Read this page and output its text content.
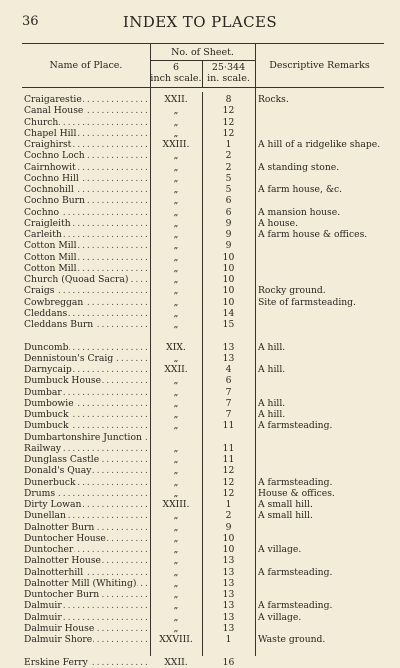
36	INDEX TO PLACES
Name of Place.
No. of Sheet.
6
inch scale.
25·344
in. scale.
Descriptive Remarks
Craigarestie . . .	XXII.	8	Rocks.
Canal House . . .	„	12
Church . . .	„	12
Chapel Hill . . .	„	12
Craighirst . . .	XXIII.	1	A hill of a ridgelike shape.
Cochno Loch . . .	„	2
Cairnhowit . . .	„	2	A standing stone.
Cochno Hill . . .	„	5
Cochnohill . . .	„	5	A farm house, &c.
Cochno Burn . . .	„	6
Cochno . . .	„	6	A mansion house.
Craigleith . . .	„	9	A house.
Carleith . . .	„	9	A farm house & offices.
Cotton Mill . . .	„	9
Cotton Mill . . .	„	10
Cotton Mill . . .	„	10
Church (Quoad Sacra) . . .	„	10
Craigs . . .	„	10	Rocky ground.
Cowbreggan . . .	„	10	Site of farmsteading.
Cleddans . . .	„	14
Cleddans Burn . . .	„	15
Duncomb . . .	XIX.	13	A hill.
Dennistoun's Craig . . .	„	13
Darnycaip . . .	XXII.	4	A hill.
Dumbuck House . . .	„	6
Dumbar . . .	„	7
Dumbowie . . .	„	7	A hill.
Dumbuck . . .	„	7	A hill.
Dumbuck . . .	„	11	A farmsteading.
Dumbartonshire Junction . . .
Railway . . .	„	11
Dunglass Castle . . .	„	11
Donald's Quay . . .	„	12
Dunerbuck . . .	„	12	A farmsteading.
Drums . . .	„	12	House & offices.
Dirty Lowan . . .	XXIII.	1	A small hill.
Dunellan . . .	„	2	A small hill.
Dalnotter Burn . . .	„	9
Duntocher House . . .	„	10
Duntocher . . .	„	10	A village.
Dalnotter House . . .	„	13
Dalnotterhill . . .	„	13	A farmsteading.
Dalnotter Mill (Whiting) . . .	„	13
Duntocher Burn . . .	„	13
Dalmuir . . .	„	13	A farmsteading.
Dalmuir . . .	„	13	A village.
Dalmuir House . . .	„	13
Dalmuir Shore . . .	XXVIII.	1	Waste ground.
Erskine Ferry . . .	XXII.	16
